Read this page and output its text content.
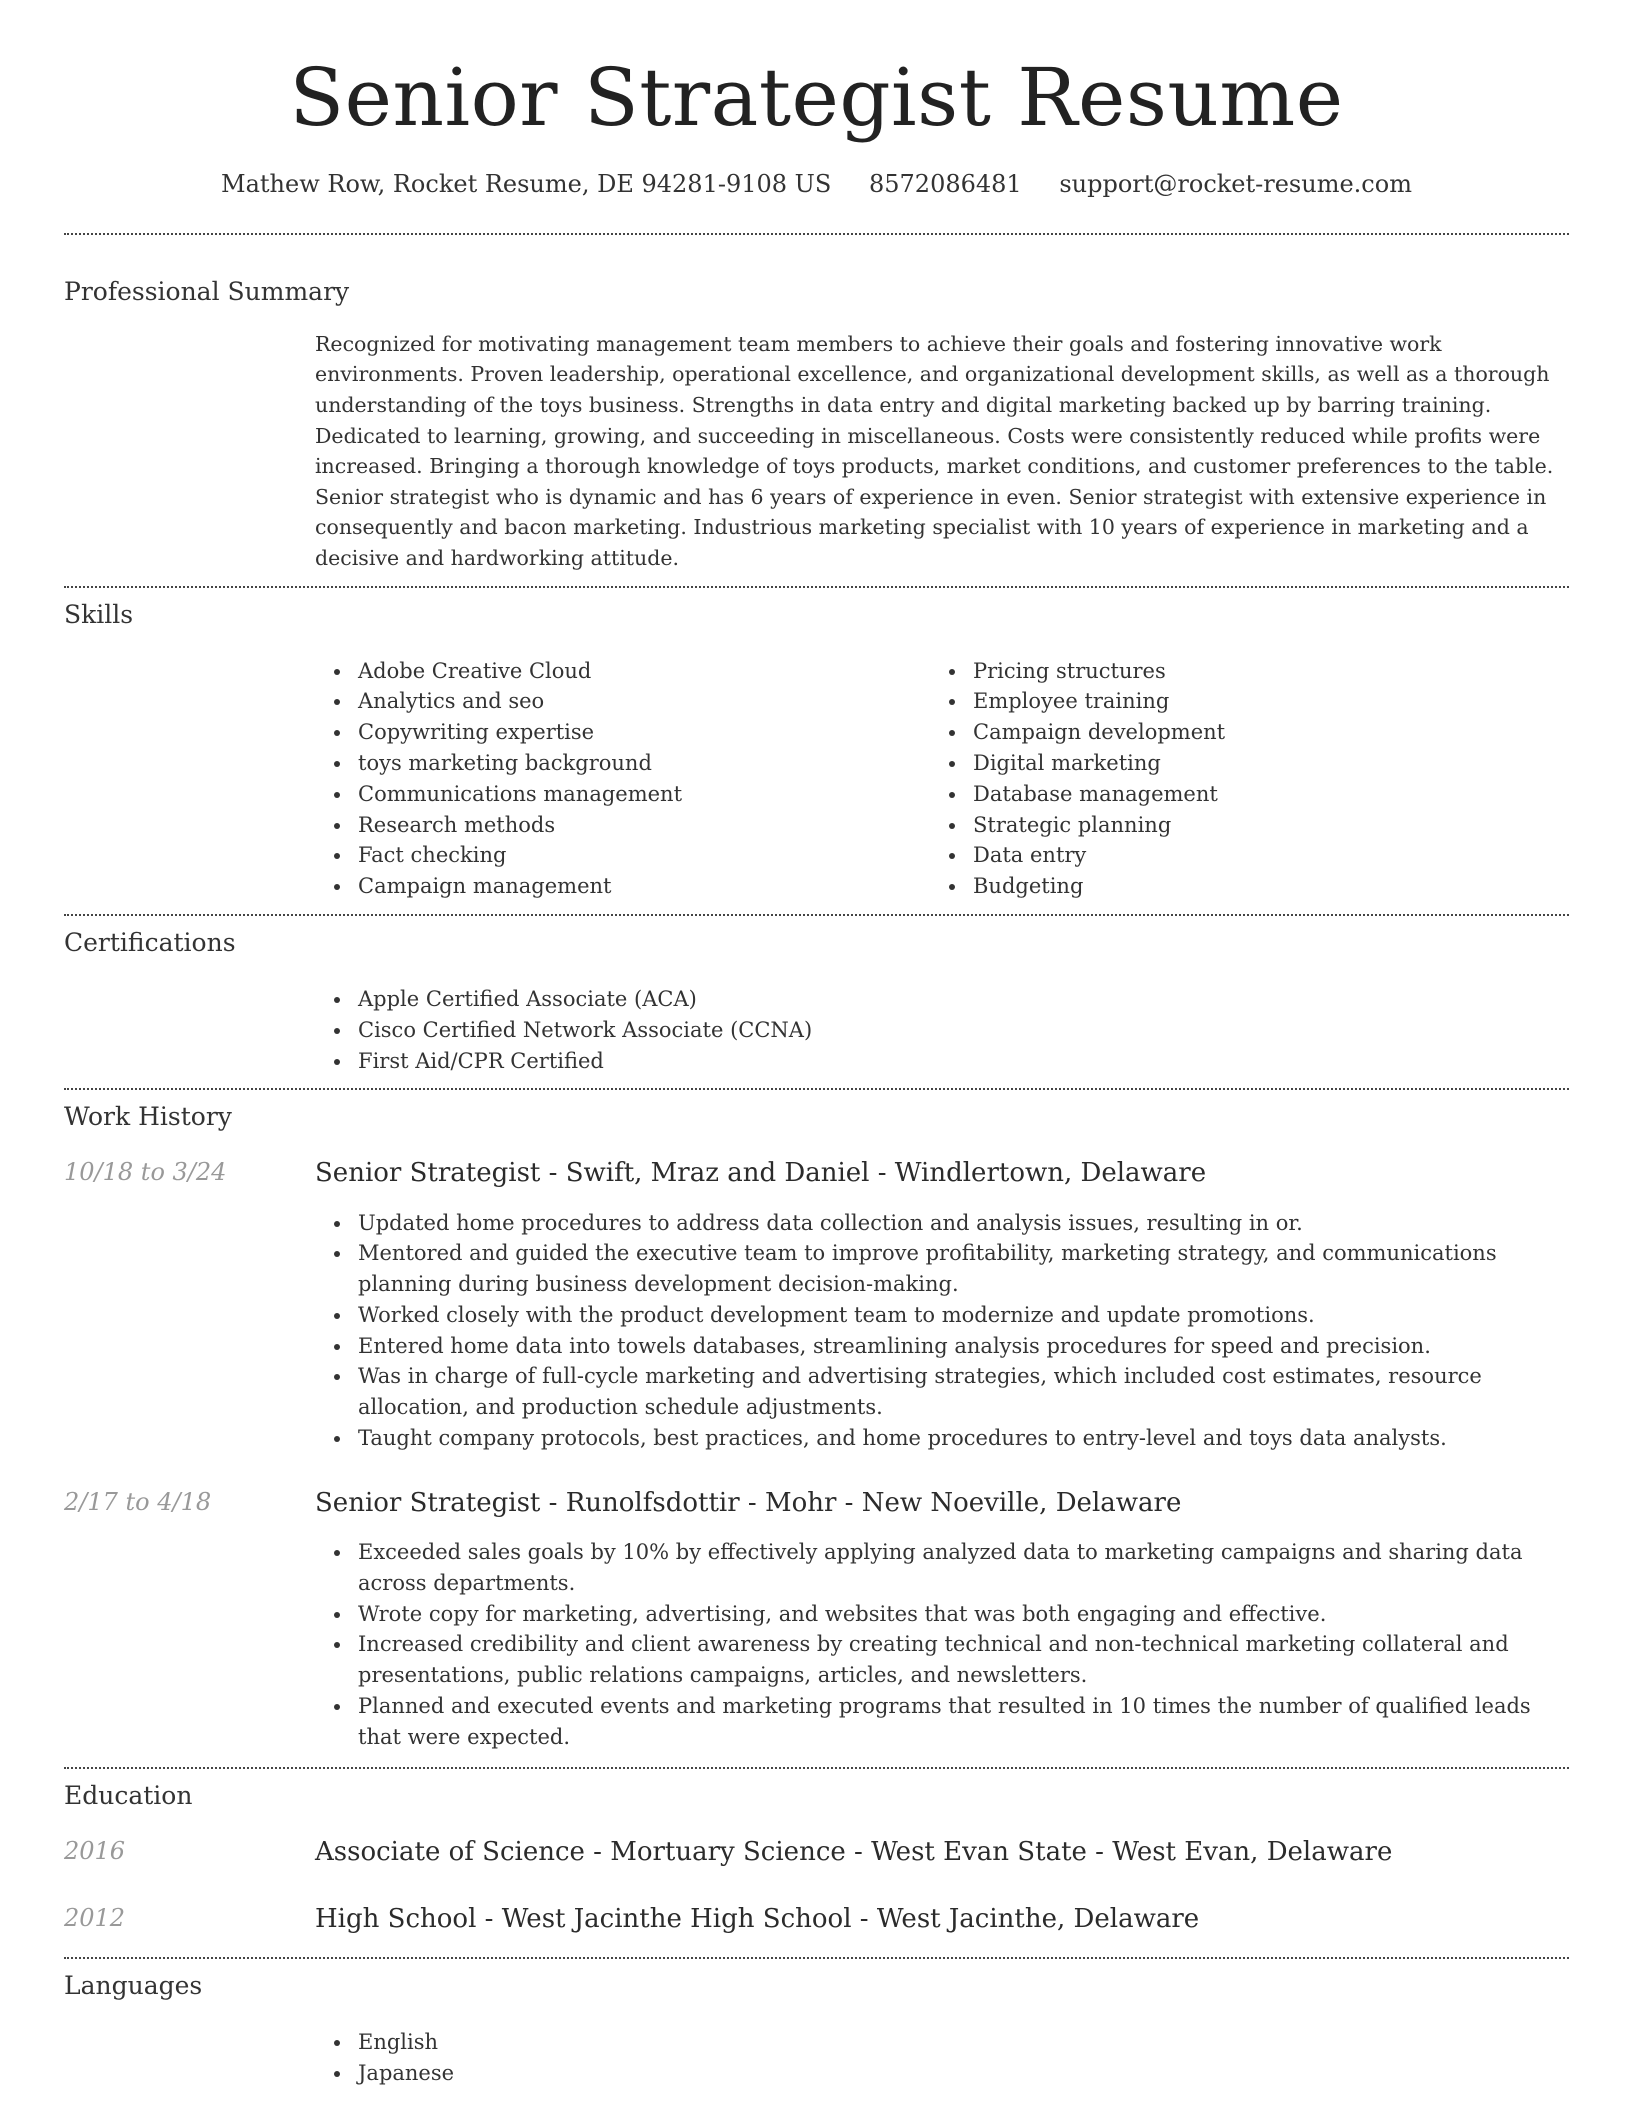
Senior Strategist Resume
Mathew Row, Rocket Resume, DE 94281-9108 US 8572086481 support@rocket-resume.com
Professional Summary
Recognized for motivating management team members to achieve their goals and fostering innovative work environments. Proven leadership, operational excellence, and organizational development skills, as well as a thorough understanding of the toys business. Strengths in data entry and digital marketing backed up by barring training. Dedicated to learning, growing, and succeeding in miscellaneous. Costs were consistently reduced while profits were increased. Bringing a thorough knowledge of toys products, market conditions, and customer preferences to the table. Senior strategist who is dynamic and has 6 years of experience in even. Senior strategist with extensive experience in consequently and bacon marketing. Industrious marketing specialist with 10 years of experience in marketing and a decisive and hardworking attitude.
Skills
Adobe Creative Cloud
Analytics and seo
Copywriting expertise
toys marketing background
Communications management
Research methods
Fact checking
Campaign management
Pricing structures
Employee training
Campaign development
Digital marketing
Database management
Strategic planning
Data entry
Budgeting
Certifications
Apple Certified Associate (ACA)
Cisco Certified Network Associate (CCNA)
First Aid/CPR Certified
Work History
10/18 to 3/24	Senior Strategist - Swift, Mraz and Daniel - Windlertown, Delaware
Updated home procedures to address data collection and analysis issues, resulting in or.
Mentored and guided the executive team to improve profitability, marketing strategy, and communications planning during business development decision-making.
Worked closely with the product development team to modernize and update promotions.
Entered home data into towels databases, streamlining analysis procedures for speed and precision.
Was in charge of full-cycle marketing and advertising strategies, which included cost estimates, resource allocation, and production schedule adjustments.
Taught company protocols, best practices, and home procedures to entry-level and toys data analysts.
2/17 to 4/18	Senior Strategist - Runolfsdottir - Mohr - New Noeville, Delaware
Exceeded sales goals by 10% by effectively applying analyzed data to marketing campaigns and sharing data across departments.
Wrote copy for marketing, advertising, and websites that was both engaging and effective.
Increased credibility and client awareness by creating technical and non-technical marketing collateral and presentations, public relations campaigns, articles, and newsletters.
Planned and executed events and marketing programs that resulted in 10 times the number of qualified leads that were expected.
Education
2016	Associate of Science - Mortuary Science - West Evan State - West Evan, Delaware
2012	High School - West Jacinthe High School - West Jacinthe, Delaware
Languages
English
Japanese
